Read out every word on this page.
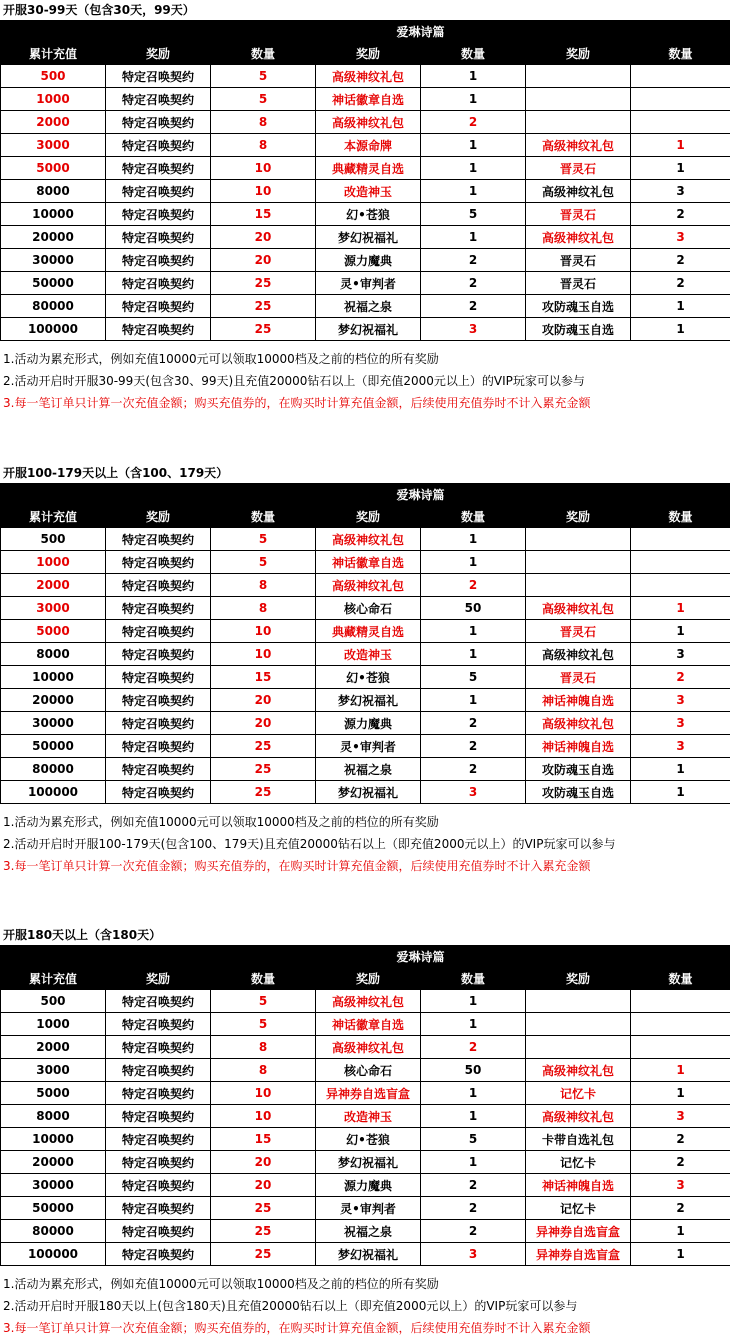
开服30-99天（包含30天，99天）
			爱琳诗篇			
累计充值	奖励	数量	奖励	数量	奖励	数量
500	特定召唤契约	5	高级神纹礼包	1		
1000	特定召唤契约	5	神话徽章自选	1		
2000	特定召唤契约	8	高级神纹礼包	2		
3000	特定召唤契约	8	本源命牌	1	高级神纹礼包	1
5000	特定召唤契约	10	典藏精灵自选	1	晋灵石	1
8000	特定召唤契约	10	改造神玉	1	高级神纹礼包	3
10000	特定召唤契约	15	幻•苍狼	5	晋灵石	2
20000	特定召唤契约	20	梦幻祝福礼	1	高级神纹礼包	3
30000	特定召唤契约	20	源力魔典	2	晋灵石	2
50000	特定召唤契约	25	灵•审判者	2	晋灵石	2
80000	特定召唤契约	25	祝福之泉	2	攻防魂玉自选	1
100000	特定召唤契约	25	梦幻祝福礼	3	攻防魂玉自选	1
1.活动为累充形式，例如充值10000元可以领取10000档及之前的档位的所有奖励
2.活动开启时开服30-99天(包含30、99天)且充值20000钻石以上（即充值2000元以上）的VIP玩家可以参与
3.每一笔订单只计算一次充值金额；购买充值券的，在购买时计算充值金额，后续使用充值券时不计入累充金额
开服100-179天以上（含100、179天）
			爱琳诗篇			
累计充值	奖励	数量	奖励	数量	奖励	数量
500	特定召唤契约	5	高级神纹礼包	1		
1000	特定召唤契约	5	神话徽章自选	1		
2000	特定召唤契约	8	高级神纹礼包	2		
3000	特定召唤契约	8	核心命石	50	高级神纹礼包	1
5000	特定召唤契约	10	典藏精灵自选	1	晋灵石	1
8000	特定召唤契约	10	改造神玉	1	高级神纹礼包	3
10000	特定召唤契约	15	幻•苍狼	5	晋灵石	2
20000	特定召唤契约	20	梦幻祝福礼	1	神话神魄自选	3
30000	特定召唤契约	20	源力魔典	2	高级神纹礼包	3
50000	特定召唤契约	25	灵•审判者	2	神话神魄自选	3
80000	特定召唤契约	25	祝福之泉	2	攻防魂玉自选	1
100000	特定召唤契约	25	梦幻祝福礼	3	攻防魂玉自选	1
1.活动为累充形式，例如充值10000元可以领取10000档及之前的档位的所有奖励
2.活动开启时开服100-179天(包含100、179天)且充值20000钻石以上（即充值2000元以上）的VIP玩家可以参与
3.每一笔订单只计算一次充值金额；购买充值券的，在购买时计算充值金额，后续使用充值券时不计入累充金额
开服180天以上（含180天）
			爱琳诗篇			
累计充值	奖励	数量	奖励	数量	奖励	数量
500	特定召唤契约	5	高级神纹礼包	1		
1000	特定召唤契约	5	神话徽章自选	1		
2000	特定召唤契约	8	高级神纹礼包	2		
3000	特定召唤契约	8	核心命石	50	高级神纹礼包	1
5000	特定召唤契约	10	异神券自选盲盒	1	记忆卡	1
8000	特定召唤契约	10	改造神玉	1	高级神纹礼包	3
10000	特定召唤契约	15	幻•苍狼	5	卡带自选礼包	2
20000	特定召唤契约	20	梦幻祝福礼	1	记忆卡	2
30000	特定召唤契约	20	源力魔典	2	神话神魄自选	3
50000	特定召唤契约	25	灵•审判者	2	记忆卡	2
80000	特定召唤契约	25	祝福之泉	2	异神券自选盲盒	1
100000	特定召唤契约	25	梦幻祝福礼	3	异神券自选盲盒	1
1.活动为累充形式，例如充值10000元可以领取10000档及之前的档位的所有奖励
2.活动开启时开服180天以上(包含180天)且充值20000钻石以上（即充值2000元以上）的VIP玩家可以参与
3.每一笔订单只计算一次充值金额；购买充值券的，在购买时计算充值金额，后续使用充值券时不计入累充金额
